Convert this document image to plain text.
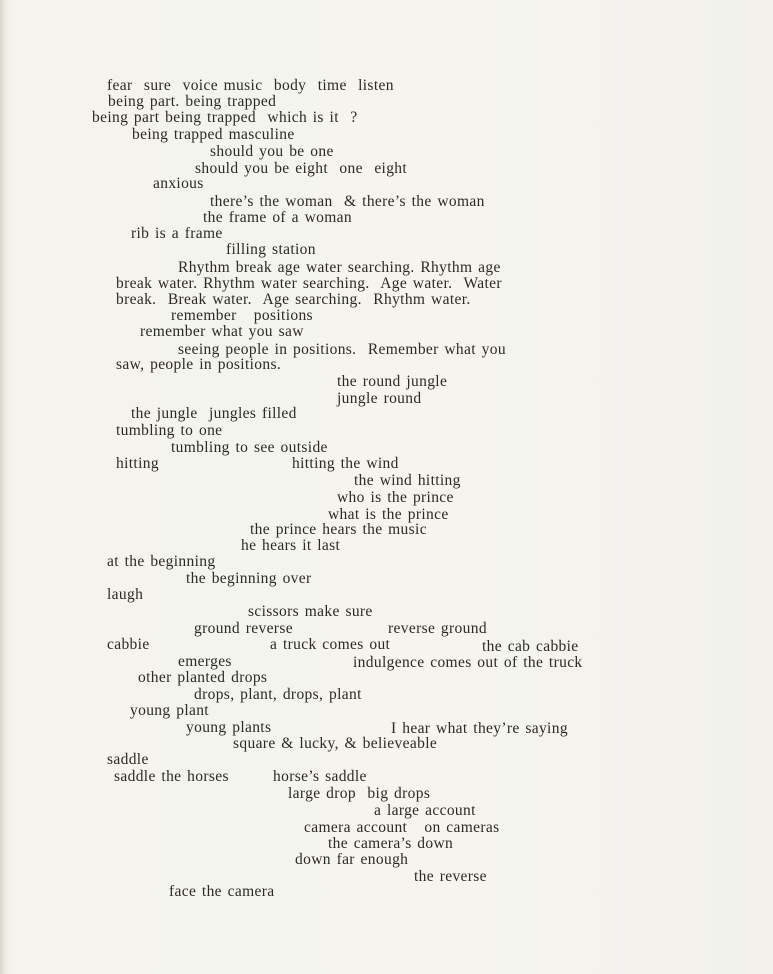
fear  sure  voice music  body  time  listen
being part. being trapped
being part being trapped  which is it  ?
being trapped masculine
should you be one
should you be eight  one  eight
anxious
there’s the woman  & there’s the woman
the frame of a woman
rib is a frame
filling station
Rhythm break age water searching. Rhythm age
break water. Rhythm water searching.  Age water.  Water
break.  Break water.  Age searching.  Rhythm water.
remember   positions
remember what you saw
seeing people in positions.  Remember what you
saw, people in positions.
the round jungle
jungle round
the jungle  jungles filled
tumbling to one
tumbling to see outside
hitting	hitting the wind
the wind hitting
who is the prince
what is the prince
the prince hears the music
he hears it last
at the beginning
the beginning over
laugh
scissors make sure
ground reverse	reverse ground
cabbie	a truck comes out	the cab cabbie
emerges	indulgence comes out of the truck
other planted drops
drops, plant, drops, plant
young plant
young plants	I hear what they’re saying
square & lucky, & believeable
saddle
saddle the horses	horse’s saddle
large drop  big drops
a large account
camera account   on cameras
the camera’s down
down far enough
the reverse
face the camera
